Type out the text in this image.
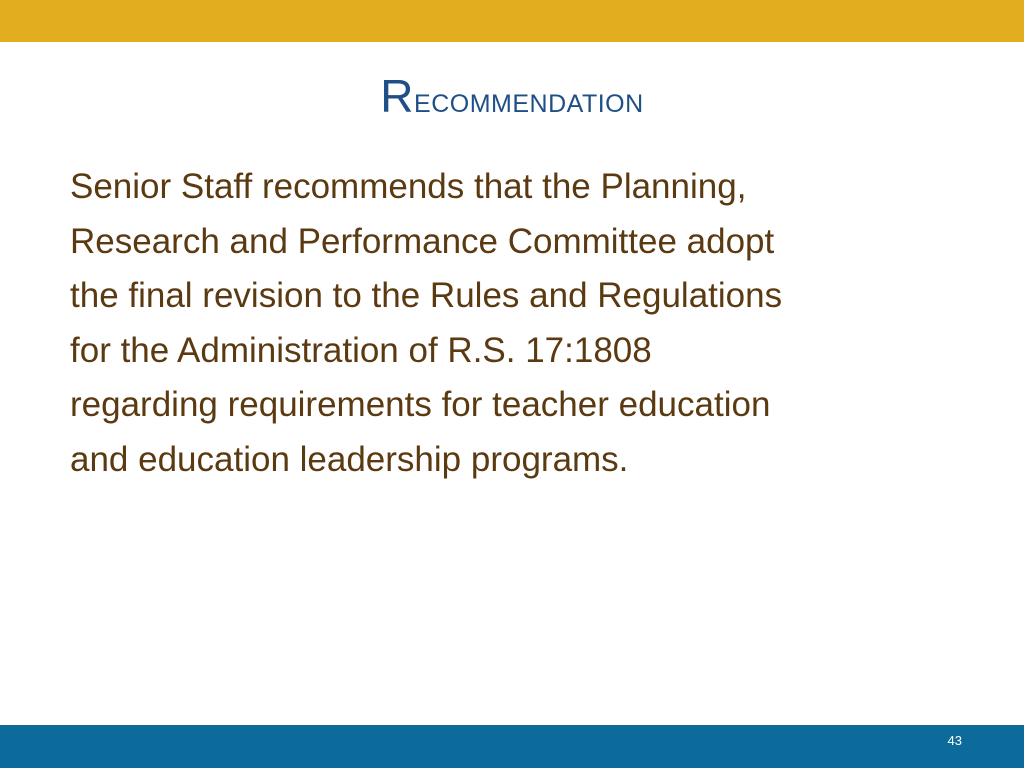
Recommendation

Senior Staff recommends that the Planning,
Research and Performance Committee adopt
the final revision to the Rules and Regulations
for the Administration of R.S. 17:1808
regarding requirements for teacher education
and education leadership programs.

43
